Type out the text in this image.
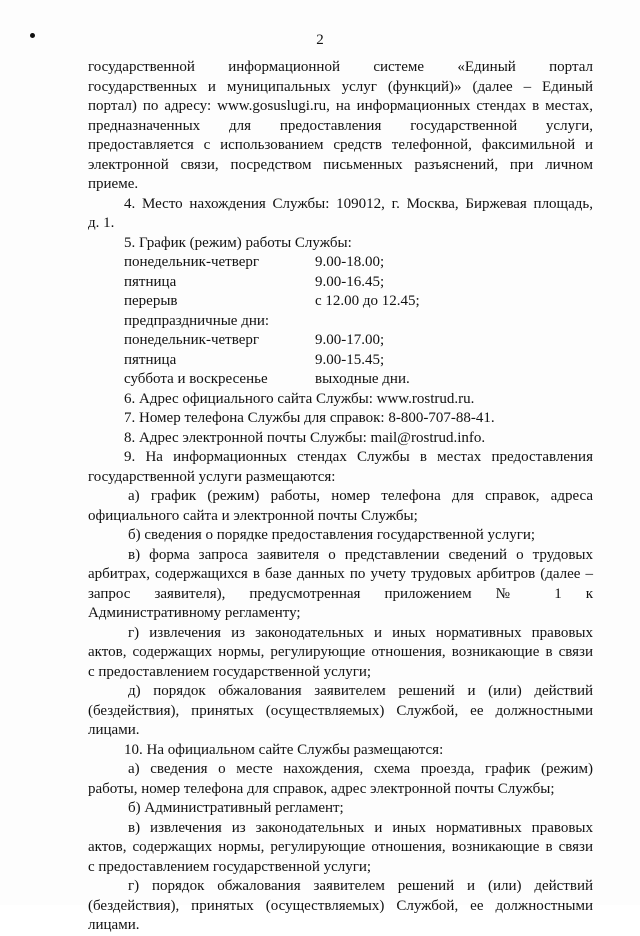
2

государственной информационной системе «Единый портал

государственных и муниципальных услуг (функций)» (далее – Единый

портал) по адресу: www.gosuslugi.ru, на информационных стендах в местах,

предназначенных для предоставления государственной услуги,

предоставляется с использованием средств телефонной, факсимильной и

электронной связи, посредством письменных разъяснений, при личном

приеме.

4. Место нахождения Службы: 109012, г. Москва, Биржевая площадь,

д. 1.

5. График (режим) работы Службы:

понедельник-четверг	9.00-18.00;
пятница	9.00-16.45;
перерыв	с 12.00 до 12.45;
предпраздничные дни:	
понедельник-четверг	9.00-17.00;
пятница	9.00-15.45;
суббота и воскресенье	выходные дни.

6. Адрес официального сайта Службы: www.rostrud.ru.

7. Номер телефона Службы для справок: 8-800-707-88-41.

8. Адрес электронной почты Службы: mail@rostrud.info.

9. На информационных стендах Службы в местах предоставления

государственной услуги размещаются:

а) график (режим) работы, номер телефона для справок, адреса

официального сайта и электронной почты Службы;

б) сведения о порядке предоставления государственной услуги;

в) форма запроса заявителя о представлении сведений о трудовых

арбитрах, содержащихся в базе данных по учету трудовых арбитров (далее –

запрос заявителя), предусмотренная приложением № 1 к

Административному регламенту;

г) извлечения из законодательных и иных нормативных правовых

актов, содержащих нормы, регулирующие отношения, возникающие в связи

с предоставлением государственной услуги;

д) порядок обжалования заявителем решений и (или) действий

(бездействия), принятых (осуществляемых) Службой, ее должностными

лицами.

10. На официальном сайте Службы размещаются:

а) сведения о месте нахождения, схема проезда, график (режим)

работы, номер телефона для справок, адрес электронной почты Службы;

б) Административный регламент;

в) извлечения из законодательных и иных нормативных правовых

актов, содержащих нормы, регулирующие отношения, возникающие в связи

с предоставлением государственной услуги;

г) порядок обжалования заявителем решений и (или) действий

(бездействия), принятых (осуществляемых) Службой, ее должностными

лицами.
